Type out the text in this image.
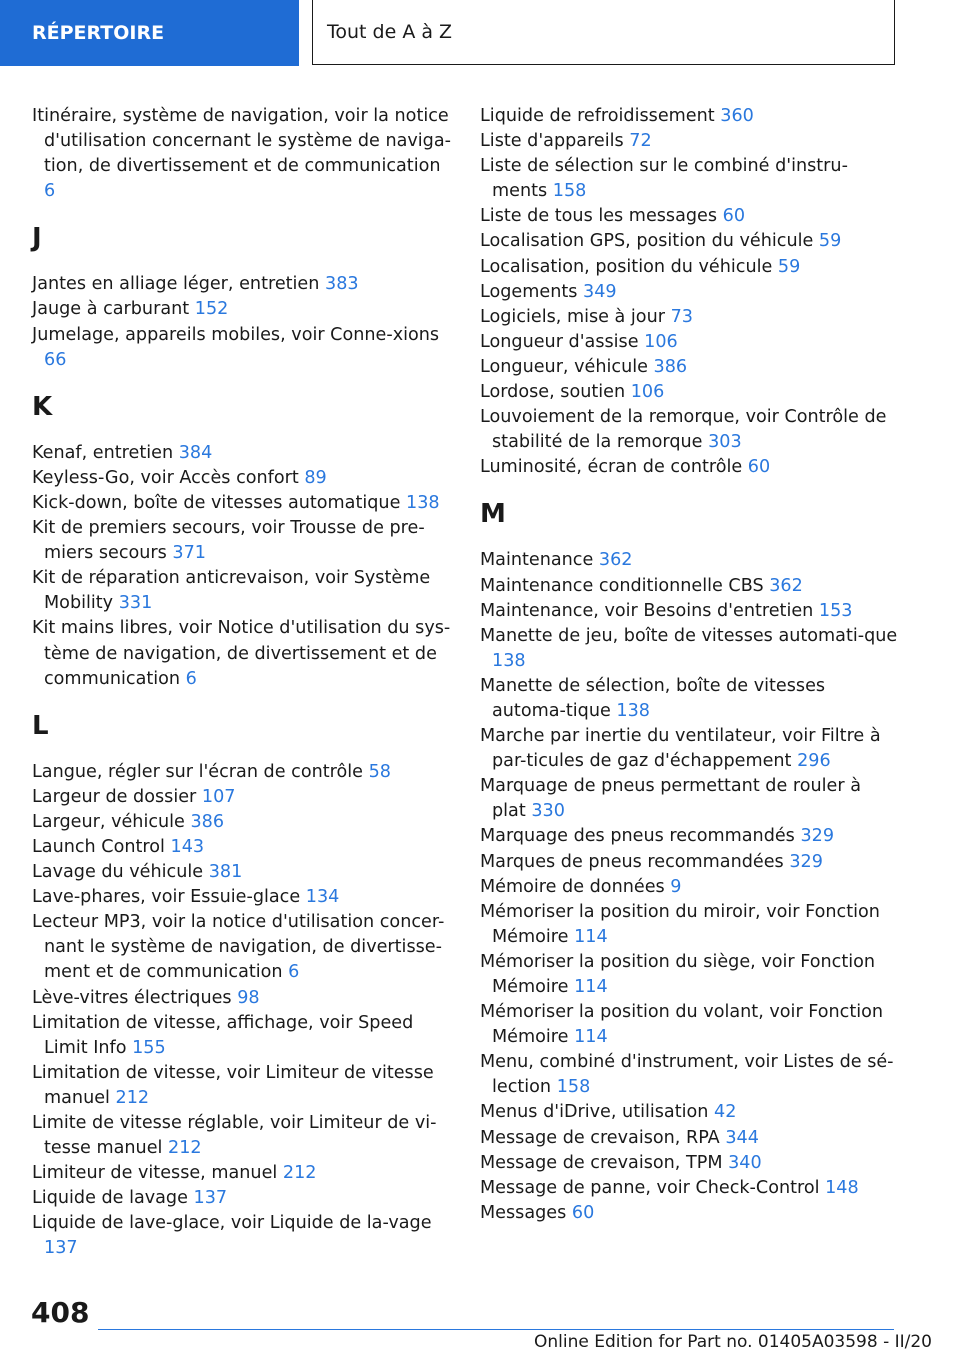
RÉPERTOIRE	Tout de A à Z

Itinéraire, système de navigation, voir la notice d'utilisation concernant le système de naviga-tion, de divertissement et de communication 6

J

Jantes en alliage léger, entretien 383

Jauge à carburant 152

Jumelage, appareils mobiles, voir Conne-xions 66

K

Kenaf, entretien 384

Keyless-Go, voir Accès confort 89

Kick-down, boîte de vitesses automatique 138

Kit de premiers secours, voir Trousse de pre-miers secours 371

Kit de réparation anticrevaison, voir Système Mobility 331

Kit mains libres, voir Notice d'utilisation du sys-tème de navigation, de divertissement et de communication 6

L

Langue, régler sur l'écran de contrôle 58

Largeur de dossier 107

Largeur, véhicule 386

Launch Control 143

Lavage du véhicule 381

Lave-phares, voir Essuie-glace 134

Lecteur MP3, voir la notice d'utilisation concer-nant le système de navigation, de divertisse-ment et de communication 6

Lève-vitres électriques 98

Limitation de vitesse, affichage, voir Speed Limit Info 155

Limitation de vitesse, voir Limiteur de vitesse manuel 212

Limite de vitesse réglable, voir Limiteur de vi-tesse manuel 212

Limiteur de vitesse, manuel 212

Liquide de lavage 137

Liquide de lave-glace, voir Liquide de la-vage 137

Liquide de refroidissement 360

Liste d'appareils 72

Liste de sélection sur le combiné d'instru-ments 158

Liste de tous les messages 60

Localisation GPS, position du véhicule 59

Localisation, position du véhicule 59

Logements 349

Logiciels, mise à jour 73

Longueur d'assise 106

Longueur, véhicule 386

Lordose, soutien 106

Louvoiement de la remorque, voir Contrôle de stabilité de la remorque 303

Luminosité, écran de contrôle 60

M

Maintenance 362

Maintenance conditionnelle CBS 362

Maintenance, voir Besoins d'entretien 153

Manette de jeu, boîte de vitesses automati-que 138

Manette de sélection, boîte de vitesses automa-tique 138

Marche par inertie du ventilateur, voir Filtre à par-ticules de gaz d'échappement 296

Marquage de pneus permettant de rouler à plat 330

Marquage des pneus recommandés 329

Marques de pneus recommandées 329

Mémoire de données 9

Mémoriser la position du miroir, voir Fonction Mémoire 114

Mémoriser la position du siège, voir Fonction Mémoire 114

Mémoriser la position du volant, voir Fonction Mémoire 114

Menu, combiné d'instrument, voir Listes de sé-lection 158

Menus d'iDrive, utilisation 42

Message de crevaison, RPA 344

Message de crevaison, TPM 340

Message de panne, voir Check-Control 148

Messages 60

408
Online Edition for Part no. 01405A03598 - II/20
